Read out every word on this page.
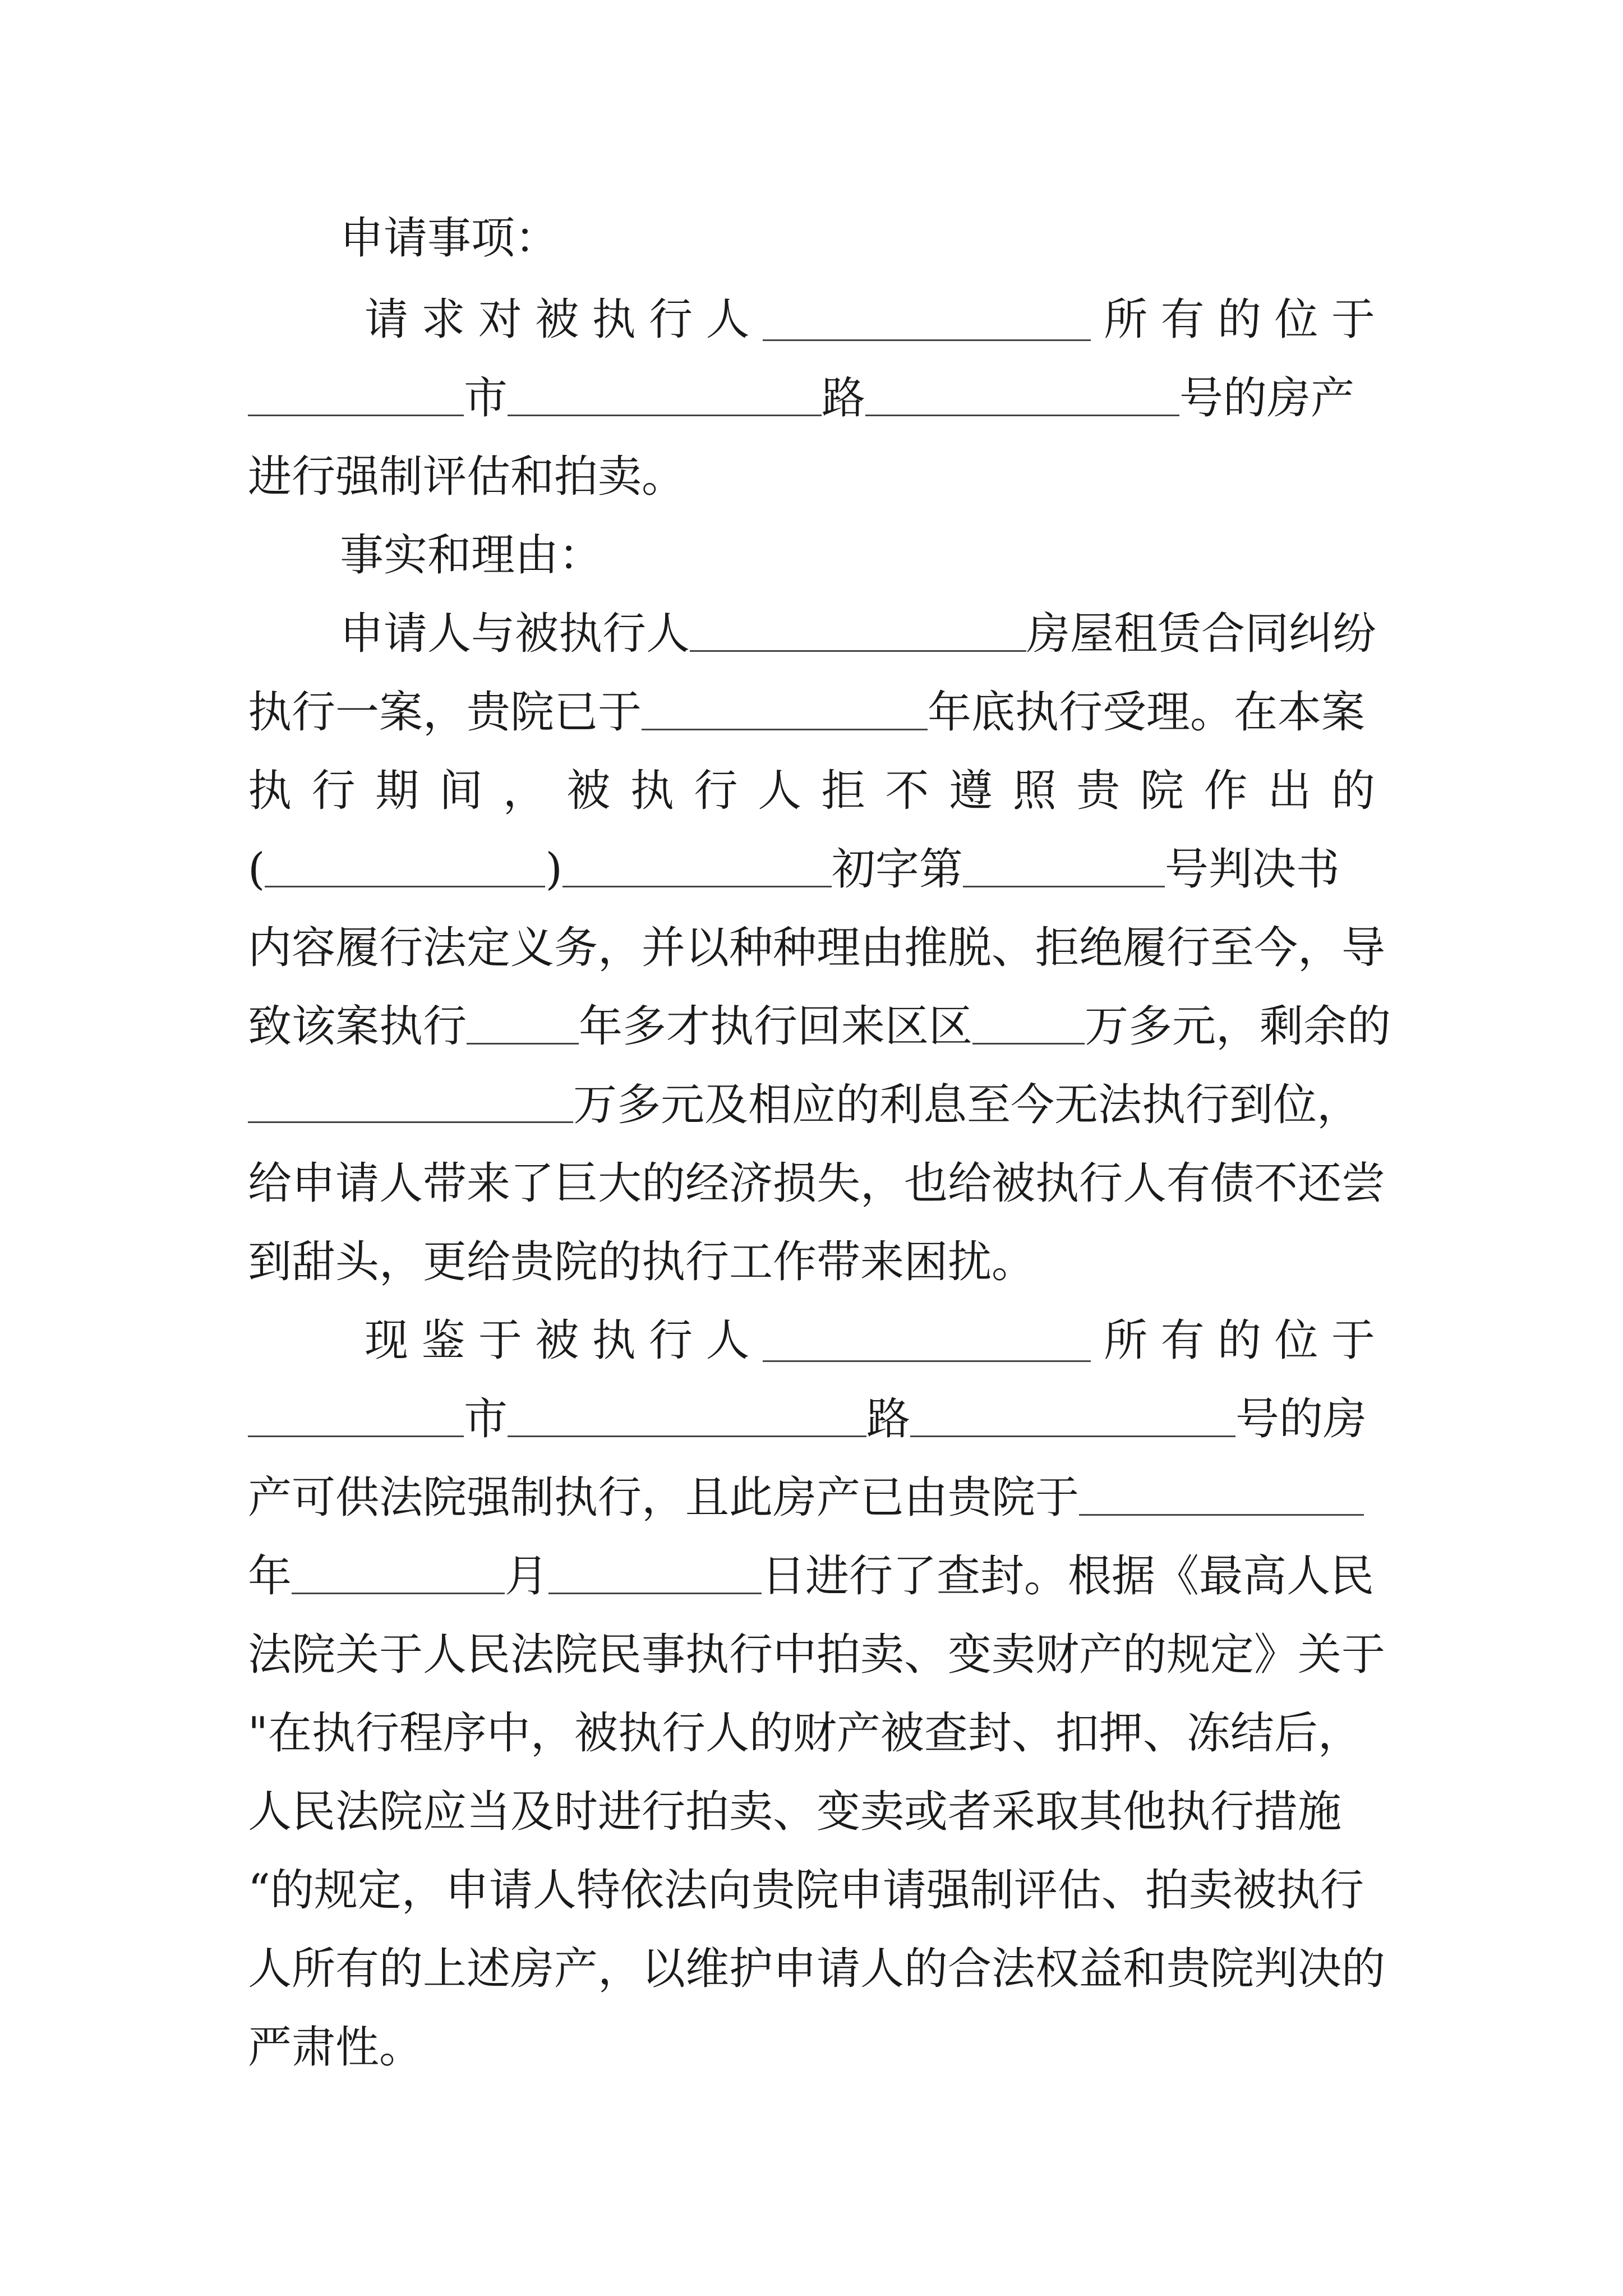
申请事项：
请 求 对 被 执 行 人	所 有 的 位 于
市	路	号的房产
进行强制评估和拍卖。
事实和理由：
申请人与被执行人	房屋租赁合同纠纷
执行一案，贵院已于	年底执行受理。在本案
执 行 期 间 ， 被 执 行 人 拒 不 遵 照 贵 院 作 出 的
(	)	初字第	号判决书
内容履行法定义务，并以种种理由推脱、拒绝履行至今，导
致该案执行	年多才执行回来区区	万多元，剩余的
万多元及相应的利息至今无法执行到位，
给申请人带来了巨大的经济损失，也给被执行人有债不还尝
到甜头，更给贵院的执行工作带来困扰。
现 鉴 于 被 执 行 人	所 有 的 位 于
市	路	号的房
产可供法院强制执行，且此房产已由贵院于
年	月	日进行了查封。根据《最高人民
法院关于人民法院民事执行中拍卖、变卖财产的规定》关于
"在执行程序中，被执行人的财产被查封、扣押、冻结后，
人民法院应当及时进行拍卖、变卖或者采取其他执行措施
“的规定，申请人特依法向贵院申请强制评估、拍卖被执行
人所有的上述房产，以维护申请人的合法权益和贵院判决的
严肃性。
